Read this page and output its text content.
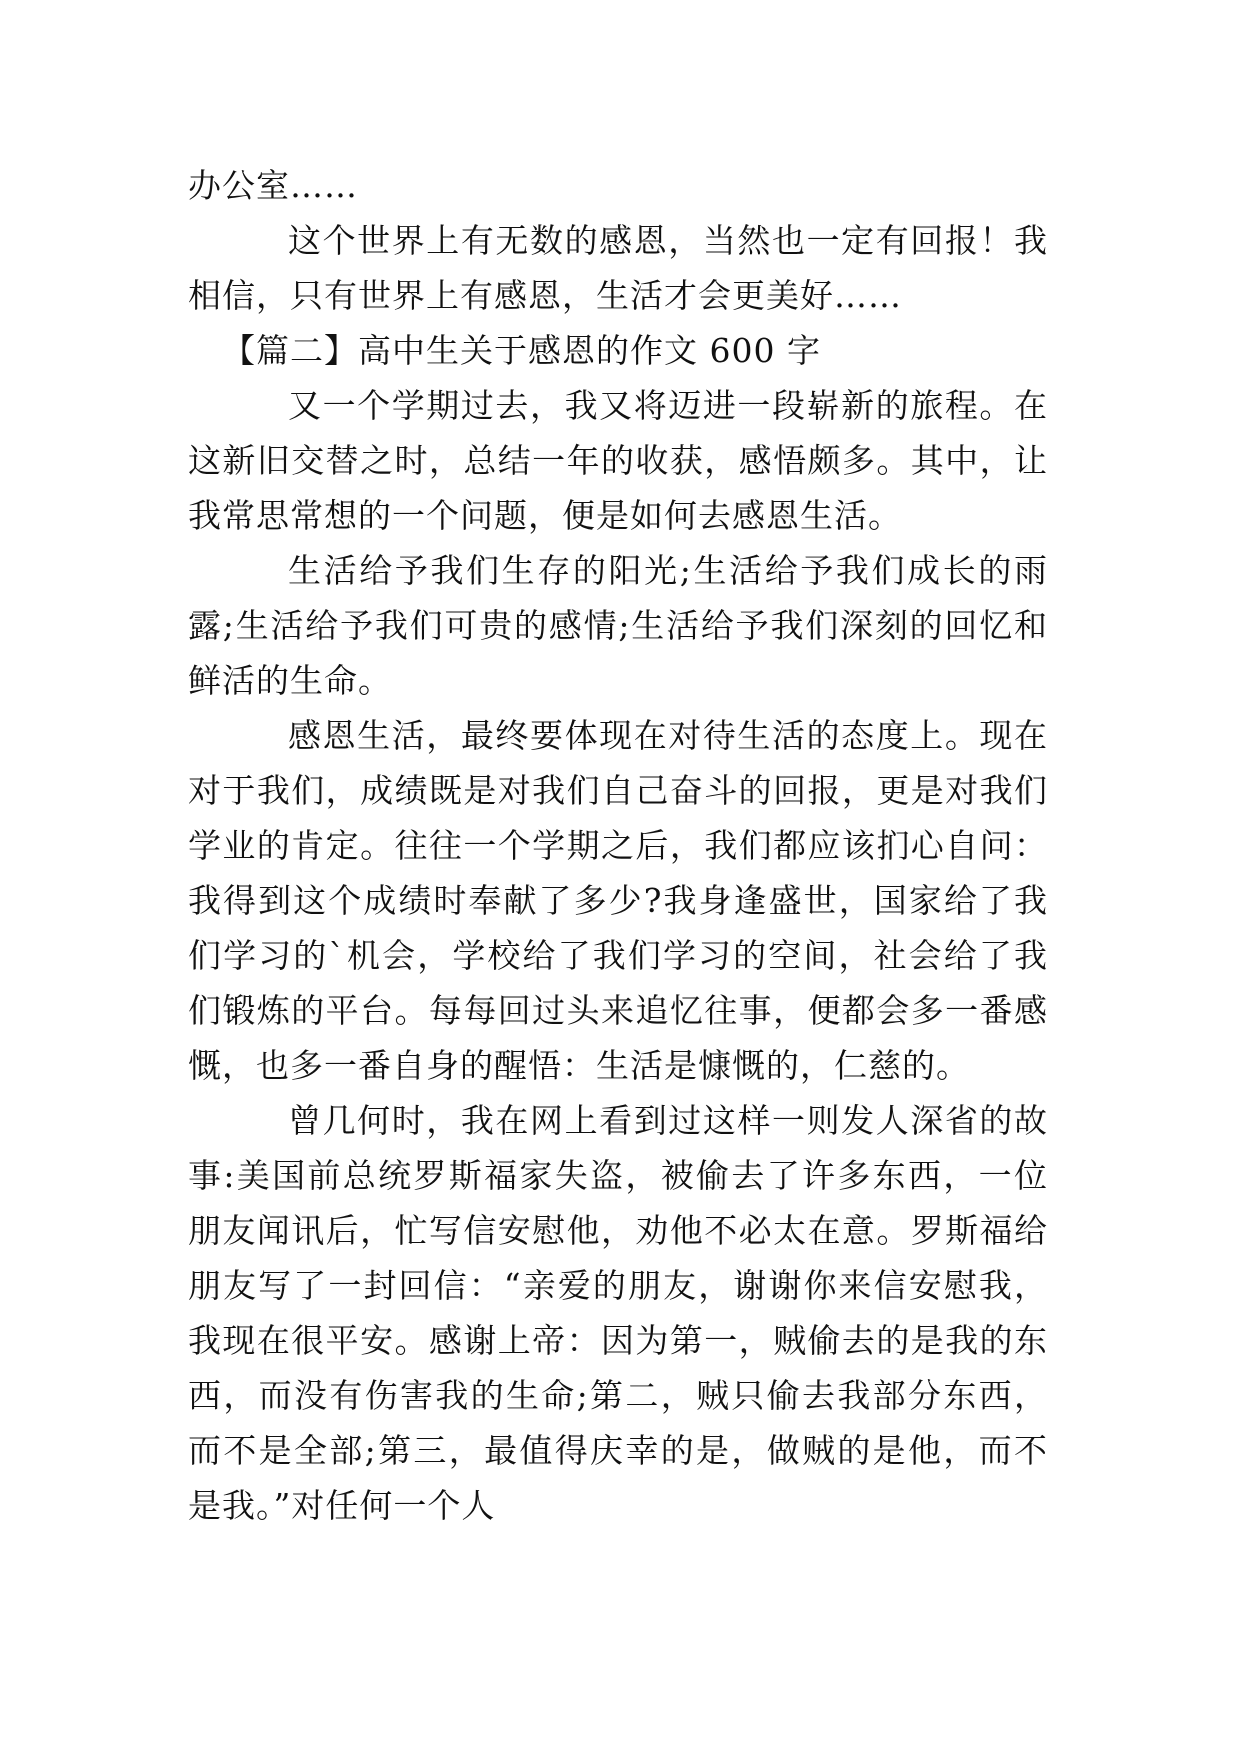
办公室……

这个世界上有无数的感恩，当然也一定有回报！我相信，只有世界上有感恩，生活才会更美好……

【篇二】高中生关于感恩的作文 600 字

又一个学期过去，我又将迈进一段崭新的旅程。在这新旧交替之时，总结一年的收获，感悟颇多。其中，让我常思常想的一个问题，便是如何去感恩生活。

生活给予我们生存的阳光;生活给予我们成长的雨露;生活给予我们可贵的感情;生活给予我们深刻的回忆和鲜活的生命。

感恩生活，最终要体现在对待生活的态度上。现在对于我们，成绩既是对我们自己奋斗的回报，更是对我们学业的肯定。往往一个学期之后，我们都应该扪心自问：我得到这个成绩时奉献了多少?我身逢盛世，国家给了我们学习的`机会，学校给了我们学习的空间，社会给了我们锻炼的平台。每每回过头来追忆往事，便都会多一番感慨，也多一番自身的醒悟：生活是慷慨的，仁慈的。

曾几何时，我在网上看到过这样一则发人深省的故事:美国前总统罗斯福家失盗，被偷去了许多东西，一位朋友闻讯后，忙写信安慰他，劝他不必太在意。罗斯福给朋友写了一封回信：“亲爱的朋友，谢谢你来信安慰我，我现在很平安。感谢上帝：因为第一，贼偷去的是我的东西，而没有伤害我的生命;第二，贼只偷去我部分东西，而不是全部;第三，最值得庆幸的是，做贼的是他，而不是我。”对任何一个人
